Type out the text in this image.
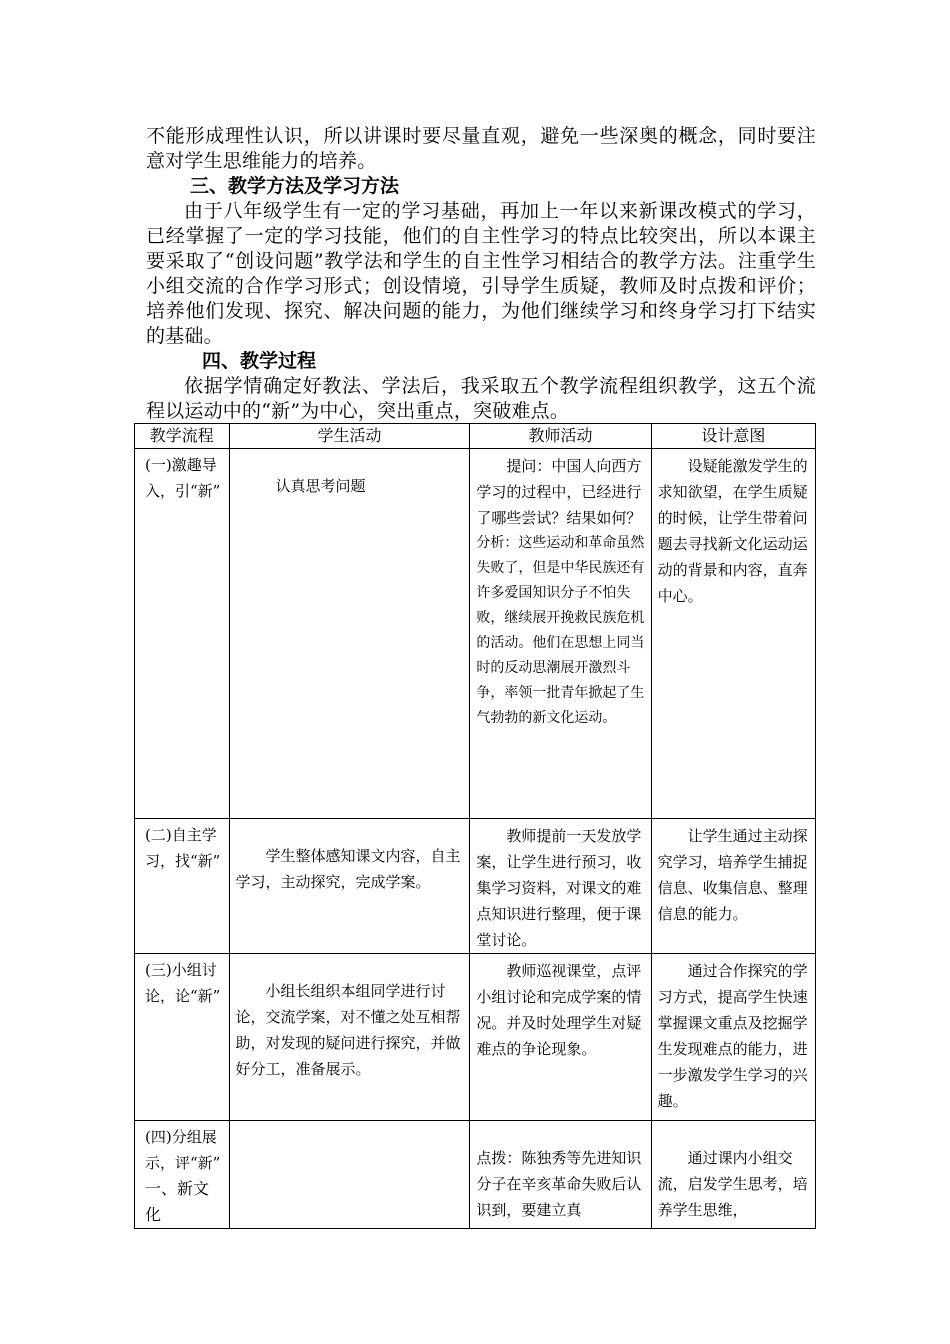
不能形成理性认识，所以讲课时要尽量直观，避免一些深奥的概念，同时要注意对学生思维能力的培养。

三、教学方法及学习方法

由于八年级学生有一定的学习基础，再加上一年以来新课改模式的学习，已经掌握了一定的学习技能，他们的自主性学习的特点比较突出，所以本课主要采取了“创设问题”教学法和学生的自主性学习相结合的教学方法。注重学生小组交流的合作学习形式；创设情境，引导学生质疑，教师及时点拨和评价；培养他们发现、探究、解决问题的能力，为他们继续学习和终身学习打下结实的基础。

四、教学过程

依据学情确定好教法、学法后，我采取五个教学流程组织教学，这五个流程以运动中的“新”为中心，突出重点，突破难点。

教学流程	学生活动	教师活动	设计意图
(一)激趣导入，引“新”	认真思考问题	提问：中国人向西方学习的过程中，已经进行了哪些尝试？结果如何？
分析：这些运动和革命虽然失败了，但是中华民族还有许多爱国知识分子不怕失败，继续展开挽救民族危机的活动。他们在思想上同当时的反动思潮展开激烈斗争，率领一批青年掀起了生气勃勃的新文化运动。	设疑能激发学生的求知欲望，在学生质疑的时候，让学生带着问题去寻找新文化运动运动的背景和内容，直奔中心。

(二)自主学习，找“新”	学生整体感知课文内容，自主学习，主动探究，完成学案。	教师提前一天发放学案，让学生进行预习，收集学习资料，对课文的难点知识进行整理，便于课堂讨论。	让学生通过主动探究学习，培养学生捕捉信息、收集信息、整理信息的能力。

(三)小组讨论，论“新”	小组长组织本组同学进行讨论，交流学案，对不懂之处互相帮助，对发现的疑问进行探究，并做好分工，准备展示。	教师巡视课堂，点评小组讨论和完成学案的情况。并及时处理学生对疑难点的争论现象。	通过合作探究的学习方式，提高学生快速掌握课文重点及挖掘学生发现难点的能力，进一步激发学生学习的兴趣。

(四)分组展示，评“新”
一、新文化		点拨：陈独秀等先进知识分子在辛亥革命失败后认识到，要建立真	通过课内小组交流，启发学生思考，培养学生思维，
